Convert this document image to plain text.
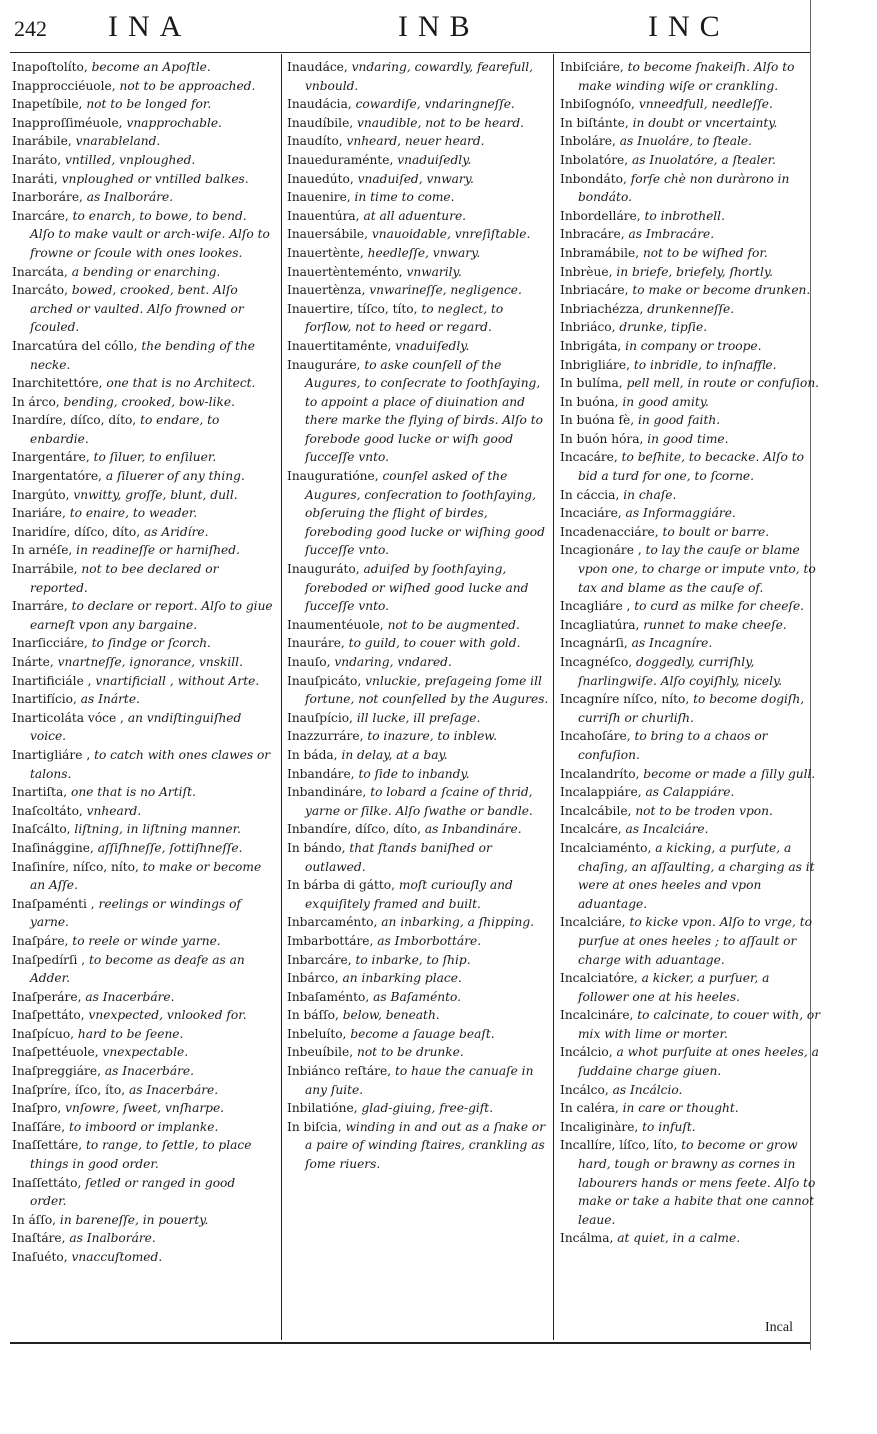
242 INA	INB	INC

Inapoſtolíto, become an Apoſtle.

Inapprocciéuole, not to be approached.

Inapetíbile, not to be longed for.

Inapproſſiméuole, vnapprochable.

Inarábile, vnarableland.

Inaráto, vntilled, vnploughed.

Inaráti, vnploughed or vntilled balkes.

Inarboráre, as Inalboráre.

Inarcáre, to enarch, to bowe, to bend. Alſo to make vault or arch-wiſe. Alſo to frowne or ſcoule with ones lookes.

Inarcáta, a bending or enarching.

Inarcáto, bowed, crooked, bent. Alſo arched or vaulted. Alſo frowned or ſcouled.

Inarcatúra del cóllo, the bending of the necke.

Inarchitettóre, one that is no Architect.

In árco, bending, crooked, bow-like.

Inardíre, díſco, díto, to endare, to enbardie.

Inargentáre, to ſiluer, to enſiluer.

Inargentatóre, a ſiluerer of any thing.

Inargúto, vnwitty, groſſe, blunt, dull.

Inariáre, to enaire, to weader.

Inaridíre, díſco, díto, as Aridíre.

In arnéſe, in readineſſe or harniſhed.

Inarrábile, not to bee declared or reported.

Inarráre, to declare or report. Alſo to giue earneſt vpon any bargaine.

Inarſicciáre, to ſindge or ſcorch.

Inárte, vnartneſſe, ignorance, vnskill.

Inartificiále , vnartificiall , without Arte.

Inartifício, as Inárte.

Inarticoláta vóce , an vndiſtinguiſhed voice.

Inartigliáre , to catch with ones clawes or talons.

Inartiſta, one that is no Artiſt.

Inaſcoltáto, vnheard.

Inaſcálto, liſtning, in liſtning manner.

Inaſinággine, aſſiſhneſſe, ſottiſhneſſe.

Inaſiníre, níſco, níto, to make or become an Aſſe.

Inaſpaménti , reelings or windings of yarne.

Inaſpáre, to reele or winde yarne.

Inaſpedírſi , to become as deafe as an Adder.

Inaſperáre, as Inacerbáre.

Inaſpettáto, vnexpected, vnlooked for.

Inaſpícuo, hard to be ſeene.

Inaſpettéuole, vnexpectable.

Inaſpreggiáre, as Inacerbáre.

Inaſpríre, íſco, íto, as Inacerbáre.

Inaſpro, vnſowre, ſweet, vnſharpe.

Inaſſáre, to imboord or implanke.

Inaſſettáre, to range, to ſettle, to place things in good order.

Inaſſettáto, ſetled or ranged in good order.

In áſſo, in bareneſſe, in pouerty.

Inaſtáre, as Inalboráre.

Inaſuéto, vnaccuſtomed.

Inaudáce, vndaring, cowardly, fearefull, vnbould.

Inaudácia, cowardiſe, vndaringneſſe.

Inaudíbile, vnaudible, not to be heard.

Inaudíto, vnheard, neuer heard.

Inaueduraménte, vnaduiſedly.

Inauedúto, vnaduiſed, vnwary.

Inauenire, in time to come.

Inauentúra, at all aduenture.

Inauersábile, vnauoidable, vnreſiſtable.

Inauertènte, heedleſſe, vnwary.

Inauertènteménto, vnwarily.

Inauertènza, vnwarineſſe, negligence.

Inauertire, tíſco, títo, to neglect, to forſlow, not to heed or regard.

Inauertitaménte, vnaduiſedly.

Inauguráre, to aske counſell of the Augures, to conſecrate to ſoothſaying, to appoint a place of diuination and there marke the flying of birds. Alſo to forebode good lucke or wiſh good ſucceſſe vnto.

Inauguratióne, counſel asked of the Augures, conſecration to ſoothſaying, obſeruing the flight of birdes, foreboding good lucke or wiſhing good ſucceſſe vnto.

Inauguráto, aduiſed by ſoothſaying, foreboded or wiſhed good lucke and ſucceſſe vnto.

Inaumentéuole, not to be augmented.

Inauráre, to guild, to couer with gold.

Inauſo, vndaring, vndared.

Inauſpicáto, vnluckie, preſageing ſome ill fortune, not counſelled by the Augures.

Inauſpício, ill lucke, ill preſage.

Inazzurráre, to inazure, to inblew.

In báda, in delay, at a bay.

Inbandáre, to ſide to inbandy.

Inbandináre, to lobard a ſcaine of thrid, yarne or ſilke. Alſo ſwathe or bandle.

Inbandíre, díſco, díto, as Inbandináre.

In bándo, that ſtands baniſhed or outlawed.

In bárba di gátto, moſt curiouſly and exquiſitely framed and built.

Inbarcaménto, an inbarking, a ſhipping.

Imbarbottáre, as Imborbottáre.

Inbarcáre, to inbarke, to ſhip.

Inbárco, an inbarking place.

Inbaſaménto, as Baſaménto.

In báſſo, below, beneath.

Inbeluíto, become a ſauage beaſt.

Inbeuíbile, not to be drunke.

Inbiánco reſtáre, to haue the canuaſe in any ſuite.

Inbilatióne, glad-giuing, free-gift.

In biſcia, winding in and out as a ſnake or a paire of winding ſtaires, crankling as ſome riuers.

Inbiſciáre, to become ſnakeiſh. Alſo to make winding wiſe or crankling.

Inbiſognóſo, vnneedfull, needleſſe.

In biſtánte, in doubt or vncertainty.

Inboláre, as Inuoláre, to ſteale.

Inbolatóre, as Inuolatóre, a ſtealer.

Inbondáto, forſe chè non duràrono in bondáto.

Inbordelláre, to inbrothell.

Inbracáre, as Imbracáre.

Inbramábile, not to be wiſhed for.

Inbrèue, in briefe, briefely, ſhortly.

Inbriacáre, to make or become drunken.

Inbriachézza, drunkenneſſe.

Inbriáco, drunke, tipſie.

Inbrigáta, in company or troope.

Inbrigliáre, to inbridle, to inſnaffle.

In bulíma, pell mell, in route or confuſion.

In buóna, in good amity.

In buóna fè, in good faith.

In buón hóra, in good time.

Incacáre, to beſhite, to becacke. Alſo to bid a turd for one, to ſcorne.

In cáccia, in chaſe.

Incaciáre, as Informaggiáre.

Incadenacciáre, to boult or barre.

Incagionáre , to lay the cauſe or blame vpon one, to charge or impute vnto, to tax and blame as the cauſe of.

Incagliáre , to curd as milke for cheeſe.

Incagliatúra, runnet to make cheeſe.

Incagnárſi, as Incagníre.

Incagnéſco, doggedly, curriſhly, ſnarlingwiſe. Alſo coyiſhly, nicely.

Incagníre níſco, níto, to become dogiſh, curriſh or churliſh.

Incahoſáre, to bring to a chaos or confuſion.

Incalandríto, become or made a ſilly gull.

Incalappiáre, as Calappiáre.

Incalcábile, not to be troden vpon.

Incalcáre, as Incalciáre.

Incalciaménto, a kicking, a purſute, a chaſing, an aſſaulting, a charging as it were at ones heeles and vpon aduantage.

Incalciáre, to kicke vpon. Alſo to vrge, to purſue at ones heeles ; to aſſault or charge with aduantage.

Incalciatóre, a kicker, a purſuer, a follower one at his heeles.

Incalcináre, to calcinate, to couer with, or mix with lime or morter.

Incálcio, a whot purſuite at ones heeles, a ſuddaine charge giuen.

Incálco, as Incálcio.

In caléra, in care or thought.

Incaliginàre, to infuſt.

Incallíre, líſco, líto, to become or grow hard, tough or brawny as cornes in labourers hands or mens feete. Alſo to make or take a habite that one cannot leaue.

Incálma, at quiet, in a calme.

Incal
